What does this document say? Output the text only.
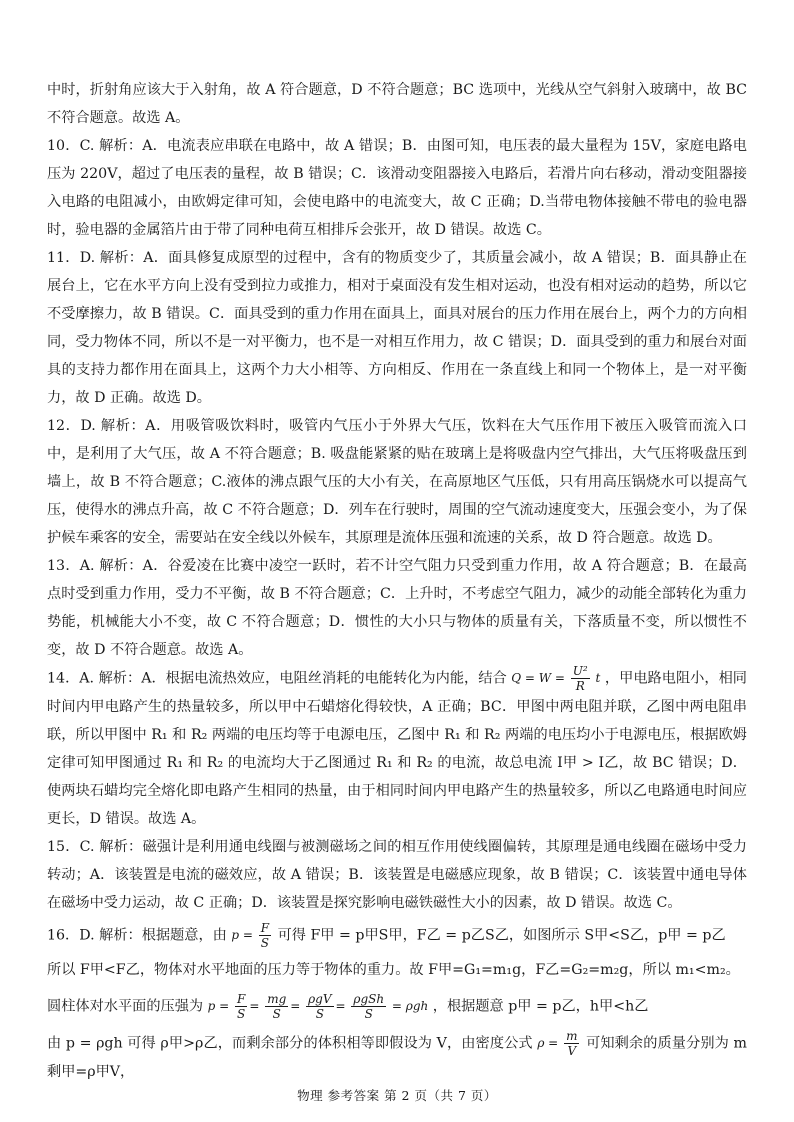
中时，折射角应该大于入射角，故 A 符合题意，D 不符合题意；BC 选项中，光线从空气斜射入玻璃中，故 BC 不符合题意。故选 A。

10．C. 解析：A．电流表应串联在电路中，故 A 错误；B．由图可知，电压表的最大量程为 15V，家庭电路电压为 220V，超过了电压表的量程，故 B 错误；C．该滑动变阻器接入电路后，若滑片向右移动，滑动变阻器接入电路的电阻减小，由欧姆定律可知，会使电路中的电流变大，故 C 正确；D.当带电物体接触不带电的验电器时，验电器的金属箔片由于带了同种电荷互相排斥会张开，故 D 错误。故选 C。

11．D. 解析：A．面具修复成原型的过程中，含有的物质变少了，其质量会减小，故 A 错误；B．面具静止在展台上，它在水平方向上没有受到拉力或推力，相对于桌面没有发生相对运动，也没有相对运动的趋势，所以它不受摩擦力，故 B 错误。C．面具受到的重力作用在面具上，面具对展台的压力作用在展台上，两个力的方向相同，受力物体不同，所以不是一对平衡力，也不是一对相互作用力，故 C 错误；D．面具受到的重力和展台对面具的支持力都作用在面具上，这两个力大小相等、方向相反、作用在一条直线上和同一个物体上，是一对平衡力，故 D 正确。故选 D。

12．D. 解析：A．用吸管吸饮料时，吸管内气压小于外界大气压，饮料在大气压作用下被压入吸管而流入口中，是利用了大气压，故 A 不符合题意；B. 吸盘能紧紧的贴在玻璃上是将吸盘内空气排出，大气压将吸盘压到墙上，故 B 不符合题意；C.液体的沸点跟气压的大小有关，在高原地区气压低，只有用高压锅烧水可以提高气压，使得水的沸点升高，故 C 不符合题意；D．列车在行驶时，周围的空气流动速度变大，压强会变小，为了保护候车乘客的安全，需要站在安全线以外候车，其原理是流体压强和流速的关系，故 D 符合题意。故选 D。

13．A. 解析：A．谷爱凌在比赛中凌空一跃时，若不计空气阻力只受到重力作用，故 A 符合题意；B．在最高点时受到重力作用，受力不平衡，故 B 不符合题意；C．上升时，不考虑空气阻力，减少的动能全部转化为重力势能，机械能大小不变，故 C 不符合题意；D．惯性的大小只与物体的质量有关，下落质量不变，所以惯性不变，故 D 不符合题意。故选 A。

14．A. 解析：A．根据电流热效应，电阻丝消耗的电能转化为内能，结合 $Q = W = \frac{\text{U²}}{R}$ t ，甲电路电阻小，相同时间内甲电路产生的热量较多，所以甲中石蜡熔化得较快，A 正确；BC．甲图中两电阻并联，乙图中两电阻串联，所以甲图中 R₁ 和 R₂ 两端的电压均等于电源电压，乙图中 R₁ 和 R₂ 两端的电压均小于电源电压，根据欧姆定律可知甲图通过 R₁ 和 R₂ 的电流均大于乙图通过 R₁ 和 R₂ 的电流，故总电流 I甲 > I乙，故 BC 错误；D．使两块石蜡均完全熔化即电路产生相同的热量，由于相同时间内甲电路产生的热量较多，所以乙电路通电时间应更长，D 错误。故选 A。

15．C. 解析：磁强计是利用通电线圈与被测磁场之间的相互作用使线圈偏转，其原理是通电线圈在磁场中受力转动；A．该装置是电流的磁效应，故 A 错误；B．该装置是电磁感应现象，故 B 错误；C．该装置中通电导体在磁场中受力运动，故 C 正确；D．该装置是探究影响电磁铁磁性大小的因素，故 D 错误。故选 C。

16．D. 解析：根据题意，由 $p = \frac{F}{S}$ 可得 F甲 = p甲S甲，F乙 = p乙S乙，如图所示 S甲<S乙，p甲 = p乙

所以 F甲<F乙，物体对水平地面的压力等于物体的重力。故 F甲=G₁=m₁g，F乙=G₂=m₂g，所以 m₁<m₂。

圆柱体对水平面的压强为 $p = \frac{F}{S} = \frac{mg}{S} = \frac{\text{ρgV}}{S} = \frac{\text{ρgSh}}{S} = \rho gh$ ，根据题意 p甲 = p乙，h甲<h乙

由 p = ρgh 可得 ρ甲>ρ乙，而剩余部分的体积相等即假设为 V，由密度公式 $\rho = \frac{m}{V}$ 可知剩余的质量分别为 m剩甲=ρ甲V，

物理 参考答案 第 2 页（共 7 页）
